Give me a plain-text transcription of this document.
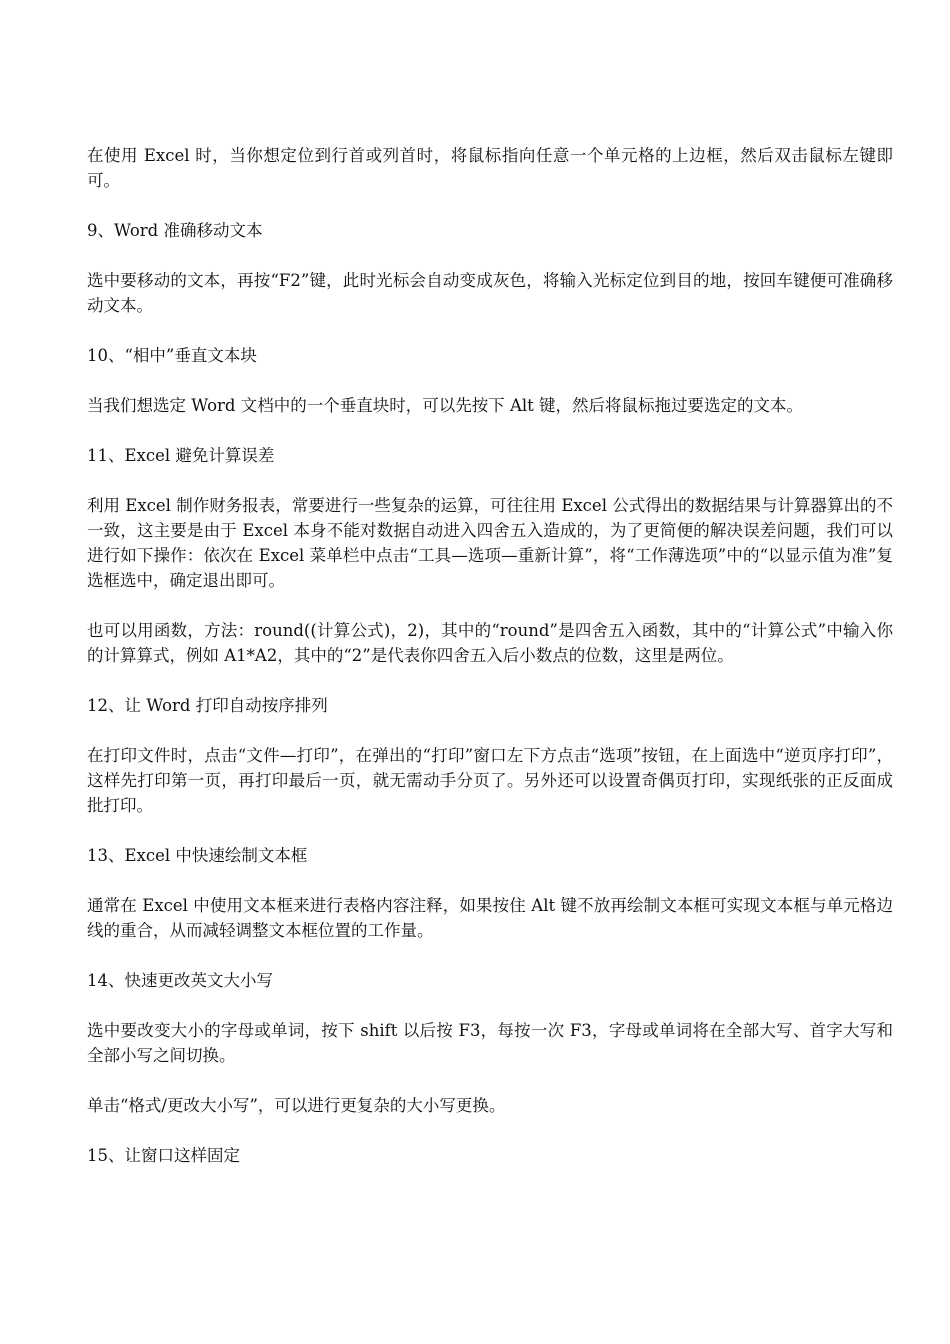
在使用 Excel 时，当你想定位到行首或列首时，将鼠标指向任意一个单元格的上边框，然后双击鼠标左键即可。

9、Word 准确移动文本

选中要移动的文本，再按“F2”键，此时光标会自动变成灰色，将输入光标定位到目的地，按回车键便可准确移动文本。

10、“相中”垂直文本块

当我们想选定 Word 文档中的一个垂直块时，可以先按下 Alt 键，然后将鼠标拖过要选定的文本。

11、Excel 避免计算误差

利用 Excel 制作财务报表，常要进行一些复杂的运算，可往往用 Excel 公式得出的数据结果与计算器算出的不一致，这主要是由于 Excel 本身不能对数据自动进入四舍五入造成的，为了更简便的解决误差问题，我们可以进行如下操作：依次在 Excel 菜单栏中点击“工具—选项—重新计算”，将“工作薄选项”中的“以显示值为准”复选框选中，确定退出即可。

也可以用函数，方法：round((计算公式)，2)，其中的“round”是四舍五入函数，其中的“计算公式”中输入你的计算算式，例如 A1*A2，其中的“2”是代表你四舍五入后小数点的位数，这里是两位。

12、让 Word 打印自动按序排列

在打印文件时，点击“文件—打印”，在弹出的“打印”窗口左下方点击“选项”按钮，在上面选中“逆页序打印”，这样先打印第一页，再打印最后一页，就无需动手分页了。另外还可以设置奇偶页打印，实现纸张的正反面成批打印。

13、Excel 中快速绘制文本框

通常在 Excel 中使用文本框来进行表格内容注释，如果按住 Alt 键不放再绘制文本框可实现文本框与单元格边线的重合，从而减轻调整文本框位置的工作量。

14、快速更改英文大小写

选中要改变大小的字母或单词，按下 shift 以后按 F3，每按一次 F3，字母或单词将在全部大写、首字大写和全部小写之间切换。

单击“格式/更改大小写”，可以进行更复杂的大小写更换。

15、让窗口这样固定
